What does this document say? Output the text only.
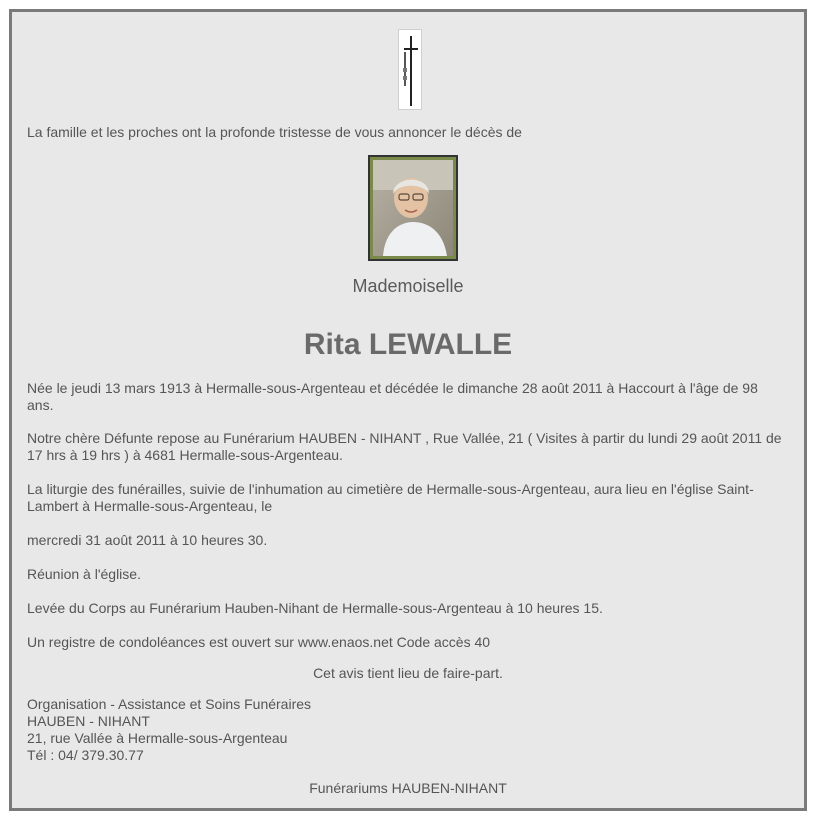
La famille et les proches ont la profonde tristesse de vous annoncer le décès de

Mademoiselle

Rita LEWALLE

Née le jeudi 13 mars 1913 à Hermalle-sous-Argenteau et décédée le dimanche 28 août 2011 à Haccourt à l'âge de 98 ans.

Notre chère Défunte repose au Funérarium HAUBEN - NIHANT , Rue Vallée, 21 ( Visites à partir du lundi 29 août 2011 de 17 hrs à 19 hrs ) à 4681 Hermalle-sous-Argenteau.

La liturgie des funérailles, suivie de l'inhumation au cimetière de Hermalle-sous-Argenteau, aura lieu en l'église Saint-Lambert à Hermalle-sous-Argenteau, le

mercredi 31 août 2011 à 10 heures 30.

Réunion à l'église.

Levée du Corps au Funérarium Hauben-Nihant de Hermalle-sous-Argenteau à 10 heures 15.

Un registre de condoléances est ouvert sur www.enaos.net Code accès 40

Cet avis tient lieu de faire-part.

Organisation - Assistance et Soins Funéraires
HAUBEN - NIHANT
21, rue Vallée à Hermalle-sous-Argenteau
Tél : 04/ 379.30.77

Funérariums HAUBEN-NIHANT
